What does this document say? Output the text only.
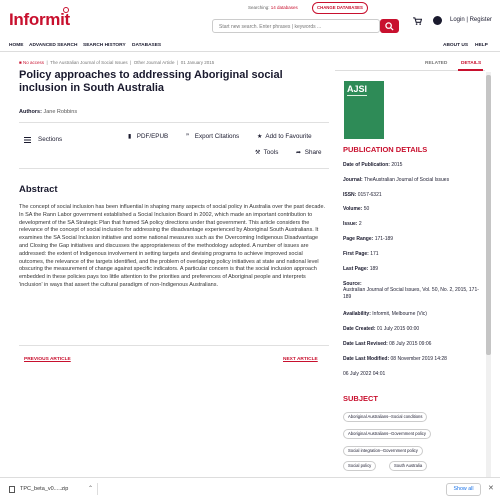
Informit
Searching: 14 databases	CHANGE DATABASES
Start new search. Enter phrases | keywords ...
Login | Register
HOME ADVANCED SEARCH SEARCH HISTORY DATABASES	ABOUT US HELP
■ No access  |  The Australian Journal of Social Issues  |  Other Journal Article  |  01 January 2015
Policy approaches to addressing Aboriginal social inclusion in South Australia
Authors: Jane Robbins
Sections	▮ PDF/EPUB	” Export Citations	★ Add to Favourite
⚒ Tools	➦ Share
Abstract
The concept of social inclusion has been influential in shaping many aspects of social policy in Australia over the past decade. In SA the Rann Labor government established a Social Inclusion Board in 2002, which made an important contribution to development of the SA Strategic Plan that framed SA policy directions under that government. This article considers the relevance of the concept of social inclusion for addressing the disadvantage experienced by Aboriginal South Australians. It examines the SA Social Inclusion initiative and some national measures such as the Overcoming Indigenous Disadvantage and Closing the Gap initiatives and discusses the appropriateness of the methodology adopted. A number of issues are addressed: the extent of Indigenous involvement in setting targets and devising programs to achieve improved social outcomes, the relevance of the targets identified, and the problem of overlapping policy initiatives at state and national level obscuring the measurement of change against specific indicators. A particular concern is that the social inclusion approach embedded in these policies pays too little attention to the priorities and preferences of Aboriginal people and interprets 'inclusion' in ways that assert the cultural paradigm of non-Indigenous Australians.
PREVIOUS ARTICLE	NEXT ARTICLE
RELATED	DETAILS
AJSI
PUBLICATION DETAILS
Date of Publication: 2015
Journal: TheAustralian Journal of Social Issues
ISSN: 0157-6321
Volume: 50
Issue: 2
Page Range: 171-189
First Page: 171
Last Page: 189
Source:
Australian Journal of Social Issues, Vol. 50, No. 2, 2015, 171-189
Availability: Informit, Melbourne (Vic)
Date Created: 01 July 2015 00:00
Date Last Revised: 08 July 2015 09:06
Date Last Modified: 08 November 2019 14:28
06 July 2022 04:01
SUBJECT
Aboriginal Australians--Social conditions
Aboriginal Australians--Government policy
Social integration--Government policy
Social policy	South Australia
TPC_beta_v0.....zip	⌃	Show all	✕
